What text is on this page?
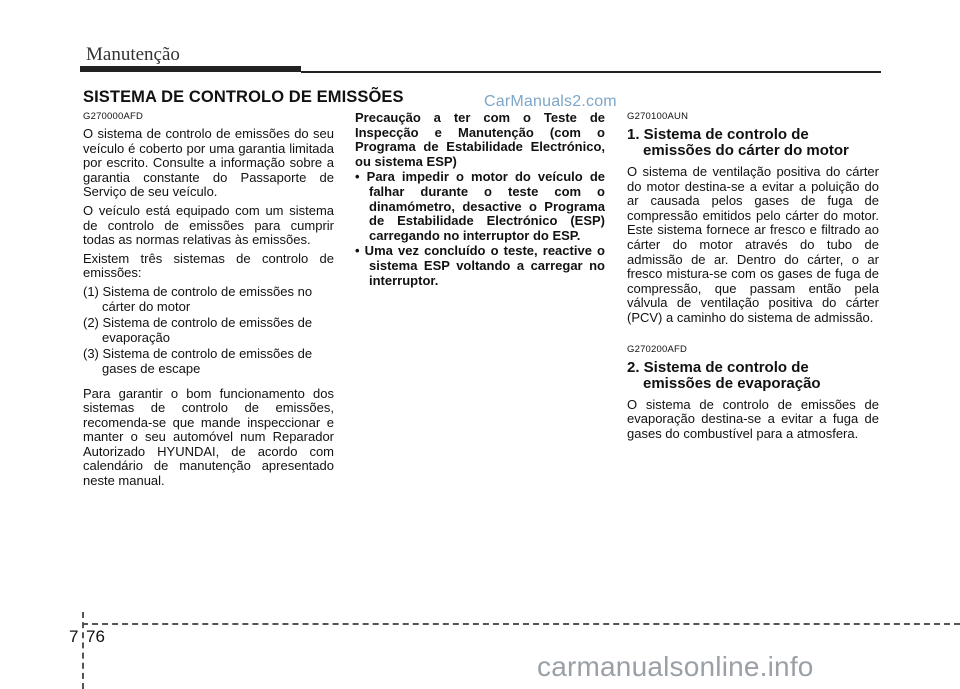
Manutenção
SISTEMA DE CONTROLO DE EMISSÕES	CarManuals2.com
G270000AFD
O sistema de controlo de emissões do seu veículo é coberto por uma garantia limitada por escrito. Consulte a informação sobre a garantia constante do Passaporte de Serviço de seu veículo.
O veículo está equipado com um sistema de controlo de emissões para cumprir todas as normas relativas às emissões.
Existem três sistemas de controlo de emissões:
(1) Sistema de controlo de emissões no cárter do motor
(2) Sistema de controlo de emissões de evaporação
(3) Sistema de controlo de emissões de gases de escape
Para garantir o bom funcionamento dos sistemas de controlo de emissões, recomenda-se que mande inspeccionar e manter o seu automóvel num Reparador Autorizado HYUNDAI, de acordo com calendário de manutenção apresentado neste manual.
Precaução a ter com o Teste de Inspecção e Manutenção (com o Programa de Estabilidade Electrónico, ou sistema ESP)
• Para impedir o motor do veículo de falhar durante o teste com o dinamómetro, desactive o Programa de Estabilidade Electrónico (ESP) carregando no interruptor do ESP.
• Uma vez concluído o teste, reactive o sistema ESP voltando a carregar no interruptor.
G270100AUN
1. Sistema de controlo de emissões do cárter do motor
O sistema de ventilação positiva do cárter do motor destina-se a evitar a poluição do ar causada pelos gases de fuga de compressão emitidos pelo cárter do motor. Este sistema fornece ar fresco e filtrado ao cárter do motor através do tubo de admissão de ar. Dentro do cárter, o ar fresco mistura-se com os gases de fuga de compressão, que passam então pela válvula de ventilação positiva do cárter (PCV) a caminho do sistema de admissão.
G270200AFD
2. Sistema de controlo de emissões de evaporação
O sistema de controlo de emissões de evaporação destina-se a evitar a fuga de gases do combustível para a atmosfera.
7 76
carmanualsonline.info
